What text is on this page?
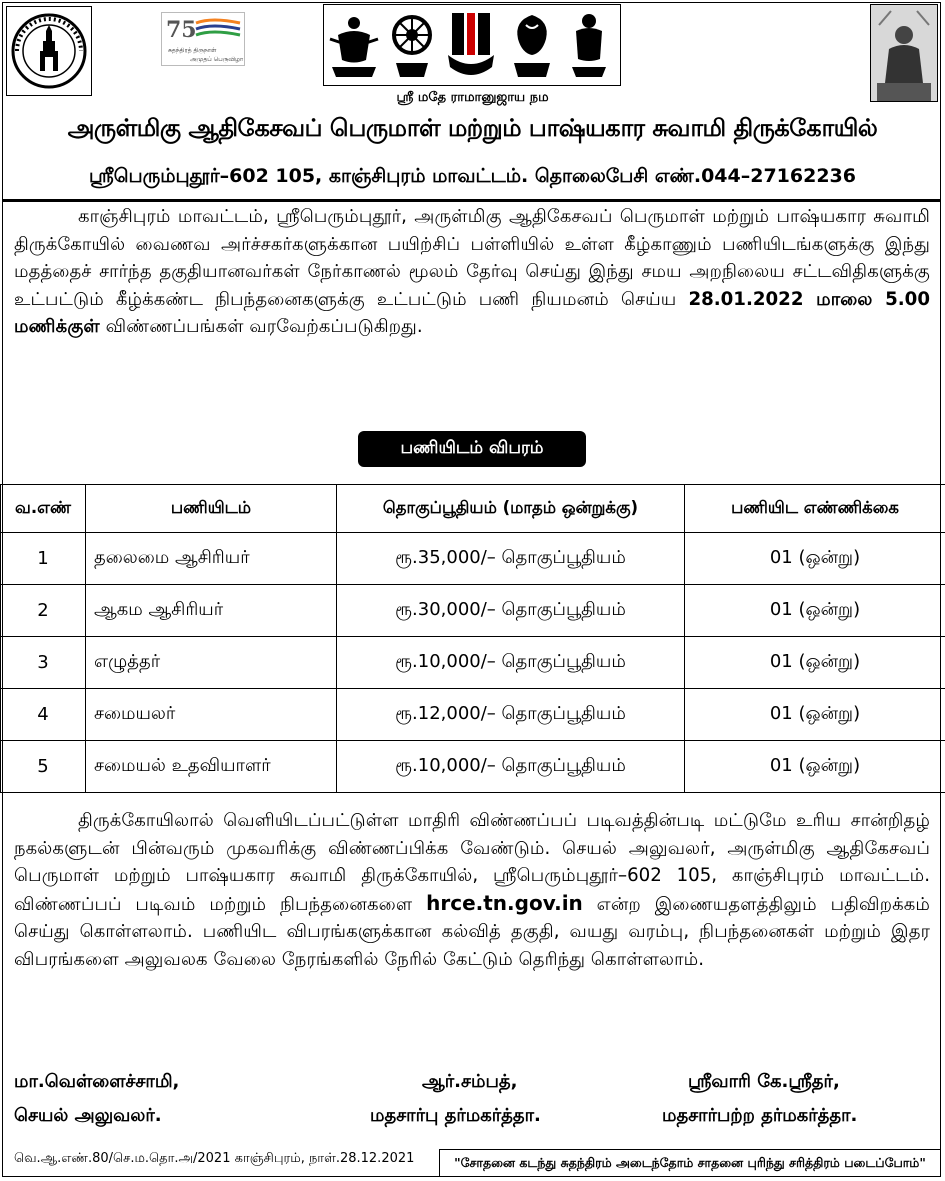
75
சுதந்திரத் திருநாள்
அமுதப் பெருவிழா
ஸ்ரீ மதே ராமானுஜாய நம
அருள்மிகு ஆதிகேசவப் பெருமாள் மற்றும் பாஷ்யகார சுவாமி திருக்கோயில்
ஸ்ரீபெரும்புதூர்–602 105, காஞ்சிபுரம் மாவட்டம். தொலைபேசி எண்.044–27162236
காஞ்சிபுரம் மாவட்டம், ஸ்ரீபெரும்புதூர், அருள்மிகு ஆதிகேசவப் பெருமாள் மற்றும் பாஷ்யகார சுவாமி திருக்கோயில் வைணவ அர்ச்சகர்களுக்கான பயிற்சிப் பள்ளியில் உள்ள கீழ்காணும் பணியிடங்களுக்கு இந்து மதத்தைச் சார்ந்த தகுதியானவர்கள் நேர்காணல் மூலம் தேர்வு செய்து இந்து சமய அறநிலைய சட்டவிதிகளுக்கு உட்பட்டும் கீழ்க்கண்ட நிபந்தனைகளுக்கு உட்பட்டும் பணி நியமனம் செய்ய 28.01.2022 மாலை 5.00 மணிக்குள் விண்ணப்பங்கள் வரவேற்கப்படுகிறது.
பணியிடம் விபரம்
வ.எண்	பணியிடம்	தொகுப்பூதியம் (மாதம் ஒன்றுக்கு)	பணியிட எண்ணிக்கை
1	தலைமை ஆசிரியர்	ரூ.35,000/– தொகுப்பூதியம்	01 (ஒன்று)
2	ஆகம ஆசிரியர்	ரூ.30,000/– தொகுப்பூதியம்	01 (ஒன்று)
3	எழுத்தர்	ரூ.10,000/– தொகுப்பூதியம்	01 (ஒன்று)
4	சமையலர்	ரூ.12,000/– தொகுப்பூதியம்	01 (ஒன்று)
5	சமையல் உதவியாளர்	ரூ.10,000/– தொகுப்பூதியம்	01 (ஒன்று)
திருக்கோயிலால் வெளியிடப்பட்டுள்ள மாதிரி விண்ணப்பப் படிவத்தின்படி மட்டுமே உரிய சான்றிதழ் நகல்களுடன் பின்வரும் முகவரிக்கு விண்ணப்பிக்க வேண்டும். செயல் அலுவலர், அருள்மிகு ஆதிகேசவப் பெருமாள் மற்றும் பாஷ்யகார சுவாமி திருக்கோயில், ஸ்ரீபெரும்புதூர்–602 105, காஞ்சிபுரம் மாவட்டம். விண்ணப்பப் படிவம் மற்றும் நிபந்தனைகளை hrce.tn.gov.in என்ற இணையதளத்திலும் பதிவிறக்கம் செய்து கொள்ளலாம். பணியிட விபரங்களுக்கான கல்வித் தகுதி, வயது வரம்பு, நிபந்தனைகள் மற்றும் இதர விபரங்களை அலுவலக வேலை நேரங்களில் நேரில் கேட்டும் தெரிந்து கொள்ளலாம்.
மா.வெள்ளைச்சாமி,
செயல் அலுவலர்.
ஆர்.சம்பத்,
மதசார்பு தர்மகர்த்தா.
ஸ்ரீவாரி கே.ஸ்ரீதர்,
மதசார்பற்ற தர்மகர்த்தா.
வெ.ஆ.எண்.80/செ.ம.தொ.அ/2021 காஞ்சிபுரம், நாள்.28.12.2021	"சோதனை கடந்து சுதந்திரம் அடைந்தோம் சாதனை புரிந்து சரித்திரம் படைப்போம்"
